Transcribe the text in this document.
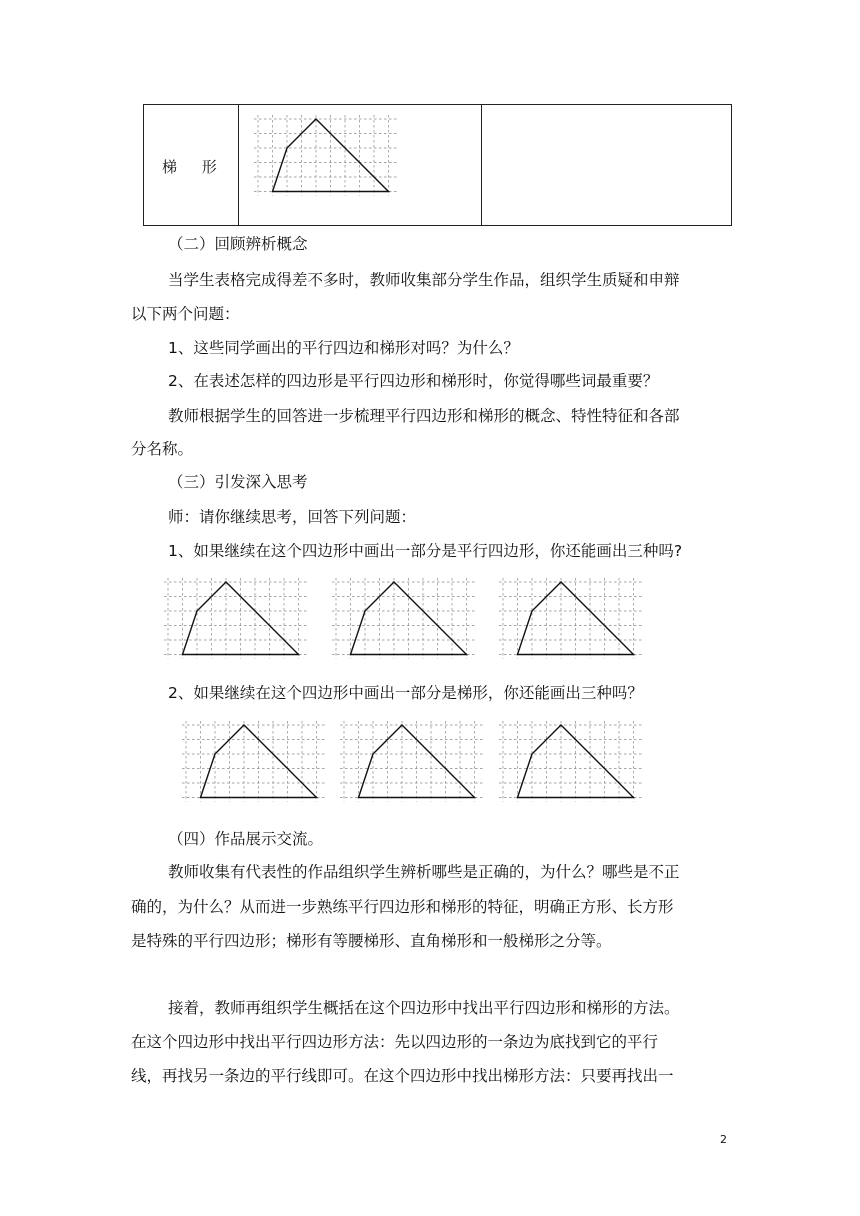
梯 形
（二）回顾辨析概念
当学生表格完成得差不多时，教师收集部分学生作品，组织学生质疑和申辩
以下两个问题：
1、这些同学画出的平行四边和梯形对吗？为什么？
2、在表述怎样的四边形是平行四边形和梯形时，你觉得哪些词最重要？
教师根据学生的回答进一步梳理平行四边形和梯形的概念、特性特征和各部
分名称。
（三）引发深入思考
师：请你继续思考，回答下列问题：
1、如果继续在这个四边形中画出一部分是平行四边形，你还能画出三种吗?
2、如果继续在这个四边形中画出一部分是梯形，你还能画出三种吗？
（四）作品展示交流。
教师收集有代表性的作品组织学生辨析哪些是正确的，为什么？哪些是不正
确的，为什么？从而进一步熟练平行四边形和梯形的特征，明确正方形、长方形
是特殊的平行四边形；梯形有等腰梯形、直角梯形和一般梯形之分等。
接着，教师再组织学生概括在这个四边形中找出平行四边形和梯形的方法。
在这个四边形中找出平行四边形方法：先以四边形的一条边为底找到它的平行
线，再找另一条边的平行线即可。在这个四边形中找出梯形方法：只要再找出一
2
